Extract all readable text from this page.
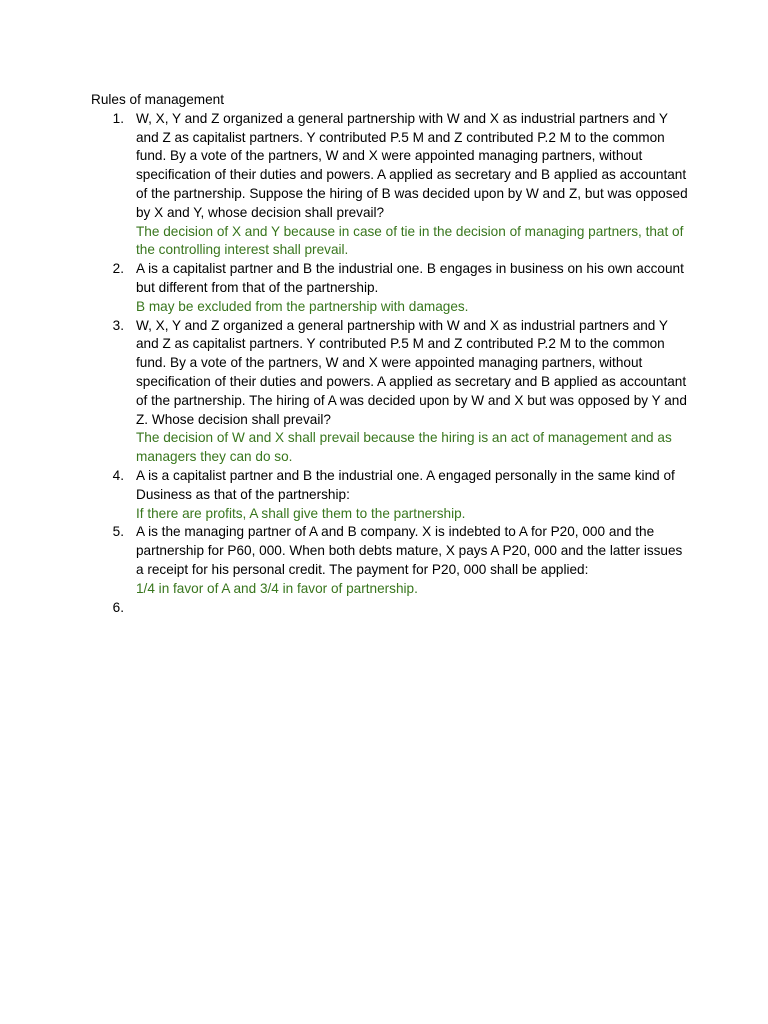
Rules of management
1. W, X, Y and Z organized a general partnership with W and X as industrial partners and Y and Z as capitalist partners. Y contributed P.5 M and Z contributed P.2 M to the common fund. By a vote of the partners, W and X were appointed managing partners, without specification of their duties and powers. A applied as secretary and B applied as accountant of the partnership. Suppose the hiring of B was decided upon by W and Z, but was opposed by X and Y, whose decision shall prevail?
The decision of X and Y because in case of tie in the decision of managing partners, that of the controlling interest shall prevail.
2. A is a capitalist partner and B the industrial one. B engages in business on his own account but different from that of the partnership.
B may be excluded from the partnership with damages.
3. W, X, Y and Z organized a general partnership with W and X as industrial partners and Y and Z as capitalist partners. Y contributed P.5 M and Z contributed P.2 M to the common fund. By a vote of the partners, W and X were appointed managing partners, without specification of their duties and powers. A applied as secretary and B applied as accountant of the partnership. The hiring of A was decided upon by W and X but was opposed by Y and Z. Whose decision shall prevail?
The decision of W and X shall prevail because the hiring is an act of management and as managers they can do so.
4. A is a capitalist partner and B the industrial one. A engaged personally in the same kind of Dusiness as that of the partnership:
If there are profits, A shall give them to the partnership.
5. A is the managing partner of A and B company. X is indebted to A for P20, 000 and the partnership for P60, 000. When both debts mature, X pays A P20, 000 and the latter issues a receipt for his personal credit. The payment for P20, 000 shall be applied:
1/4 in favor of A and 3/4 in favor of partnership.
6.
